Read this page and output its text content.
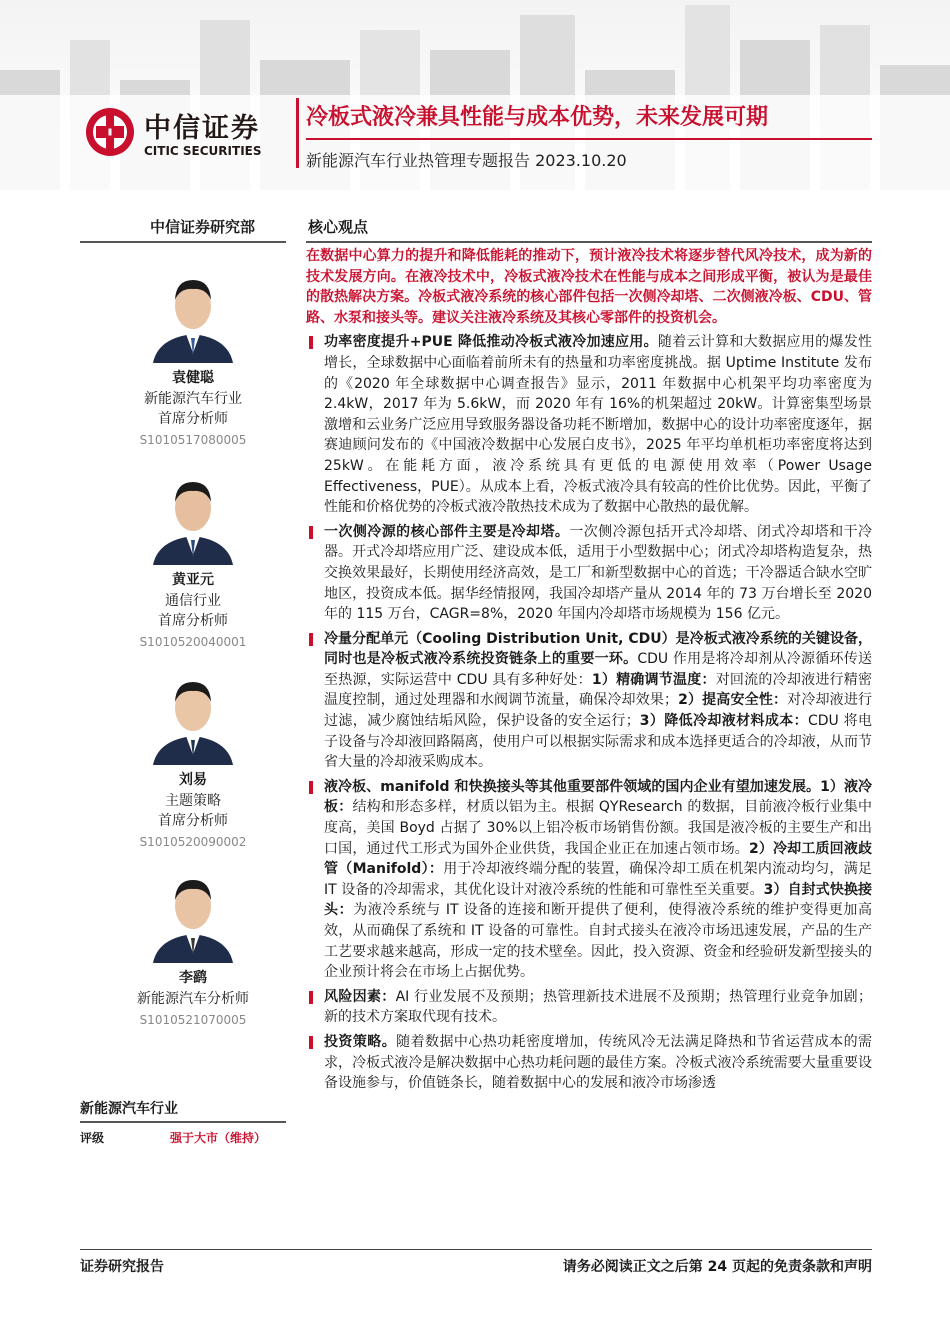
中信证券
CITIC SECURITIES
冷板式液冷兼具性能与成本优势，未来发展可期
新能源汽车行业热管理专题报告 2023.10.20
中信证券研究部	核心观点
袁健聪
新能源汽车行业
首席分析师
S1010517080005
黄亚元
通信行业
首席分析师
S1010520040001
刘易
主题策略
首席分析师
S1010520090002
李鹞
新能源汽车分析师
S1010521070005
新能源汽车行业
评级	强于大市（维持）

在数据中心算力的提升和降低能耗的推动下，预计液冷技术将逐步替代风冷技术，成为新的技术发展方向。在液冷技术中，冷板式液冷技术在性能与成本之间形成平衡，被认为是最佳的散热解决方案。冷板式液冷系统的核心部件包括一次侧冷却塔、二次侧液冷板、CDU、管路、水泵和接头等。建议关注液冷系统及其核心零部件的投资机会。

功率密度提升+PUE 降低推动冷板式液冷加速应用。随着云计算和大数据应用的爆发性增长，全球数据中心面临着前所未有的热量和功率密度挑战。据 Uptime Institute 发布的《2020 年全球数据中心调查报告》显示，2011 年数据中心机架平均功率密度为 2.4kW，2017 年为 5.6kW，而 2020 年有 16%的机架超过 20kW。计算密集型场景激增和云业务广泛应用导致服务器设备功耗不断增加，数据中心的设计功率密度逐年，据赛迪顾问发布的《中国液冷数据中心发展白皮书》，2025 年平均单机柜功率密度将达到 25kW。在能耗方面，液冷系统具有更低的电源使用效率（Power Usage Effectiveness，PUE）。从成本上看，冷板式液冷具有较高的性价比优势。因此，平衡了性能和价格优势的冷板式液冷散热技术成为了数据中心散热的最优解。

一次侧冷源的核心部件主要是冷却塔。一次侧冷源包括开式冷却塔、闭式冷却塔和干冷器。开式冷却塔应用广泛、建设成本低，适用于小型数据中心；闭式冷却塔构造复杂，热交换效果最好，长期使用经济高效，是工厂和新型数据中心的首选；干冷器适合缺水空旷地区，投资成本低。据华经情报网，我国冷却塔产量从 2014 年的 73 万台增长至 2020 年的 115 万台，CAGR=8%，2020 年国内冷却塔市场规模为 156 亿元。

冷量分配单元（Cooling Distribution Unit, CDU）是冷板式液冷系统的关键设备，同时也是冷板式液冷系统投资链条上的重要一环。CDU 作用是将冷却剂从冷源循环传送至热源，实际运营中 CDU 具有多种好处：1）精确调节温度：对回流的冷却液进行精密温度控制，通过处理器和水阀调节流量，确保冷却效果；2）提高安全性：对冷却液进行过滤，减少腐蚀结垢风险，保护设备的安全运行；3）降低冷却液材料成本：CDU 将电子设备与冷却液回路隔离，使用户可以根据实际需求和成本选择更适合的冷却液，从而节省大量的冷却液采购成本。

液冷板、manifold 和快换接头等其他重要部件领域的国内企业有望加速发展。1）液冷板：结构和形态多样，材质以铝为主。根据 QYResearch 的数据，目前液冷板行业集中度高，美国 Boyd 占据了 30%以上铝冷板市场销售份额。我国是液冷板的主要生产和出口国，通过代工形式为国外企业供货，我国企业正在加速占领市场。2）冷却工质回液歧管（Manifold）：用于冷却液终端分配的装置，确保冷却工质在机架内流动均匀，满足 IT 设备的冷却需求，其优化设计对液冷系统的性能和可靠性至关重要。3）自封式快换接头：为液冷系统与 IT 设备的连接和断开提供了便利，使得液冷系统的维护变得更加高效，从而确保了系统和 IT 设备的可靠性。自封式接头在液冷市场迅速发展，产品的生产工艺要求越来越高，形成一定的技术壁垒。因此，投入资源、资金和经验研发新型接头的企业预计将会在市场上占据优势。

风险因素：AI 行业发展不及预期；热管理新技术进展不及预期；热管理行业竞争加剧；新的技术方案取代现有技术。

投资策略。随着数据中心热功耗密度增加，传统风冷无法满足降热和节省运营成本的需求，冷板式液冷是解决数据中心热功耗问题的最佳方案。冷板式液冷系统需要大量重要设备设施参与，价值链条长，随着数据中心的发展和液冷市场渗透

证券研究报告	请务必阅读正文之后第 24 页起的免责条款和声明
